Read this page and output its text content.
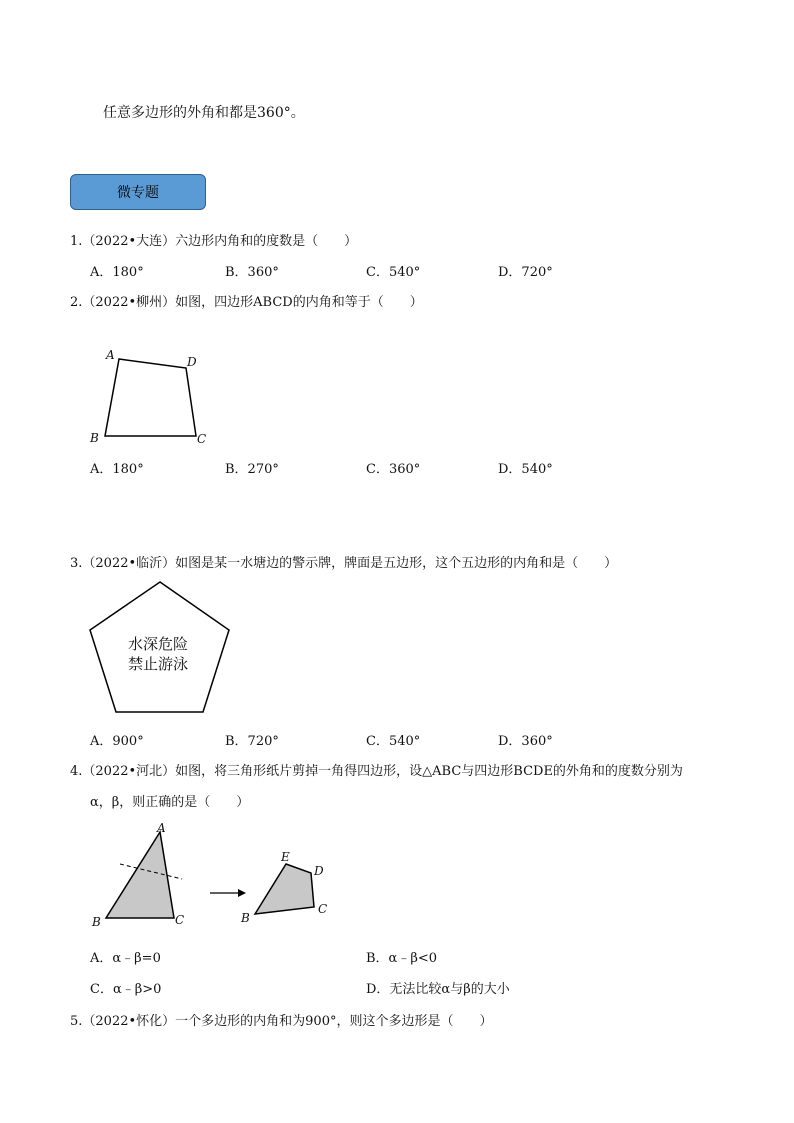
任意多边形的外角和都是360°。
微专题
1.（2022•大连）六边形内角和的度数是（　　）
A．180°	B．360°	C．540°	D．720°
2.（2022•柳州）如图，四边形ABCD的内角和等于（　　）
A	D
B	C
A．180°	B．270°	C．360°	D．540°
3.（2022•临沂）如图是某一水塘边的警示牌，牌面是五边形，这个五边形的内角和是（　　）
水深危险
禁止游泳
A．900°	B．720°	C．540°	D．360°
4.（2022•河北）如图，将三角形纸片剪掉一角得四边形，设△ABC与四边形BCDE的外角和的度数分别为
α，β，则正确的是（　　）
A
B	C
E
D
B
C
A．α﹣β=0	B．α﹣β<0
C．α﹣β>0	D．无法比较α与β的大小
5.（2022•怀化）一个多边形的内角和为900°，则这个多边形是（　　）
